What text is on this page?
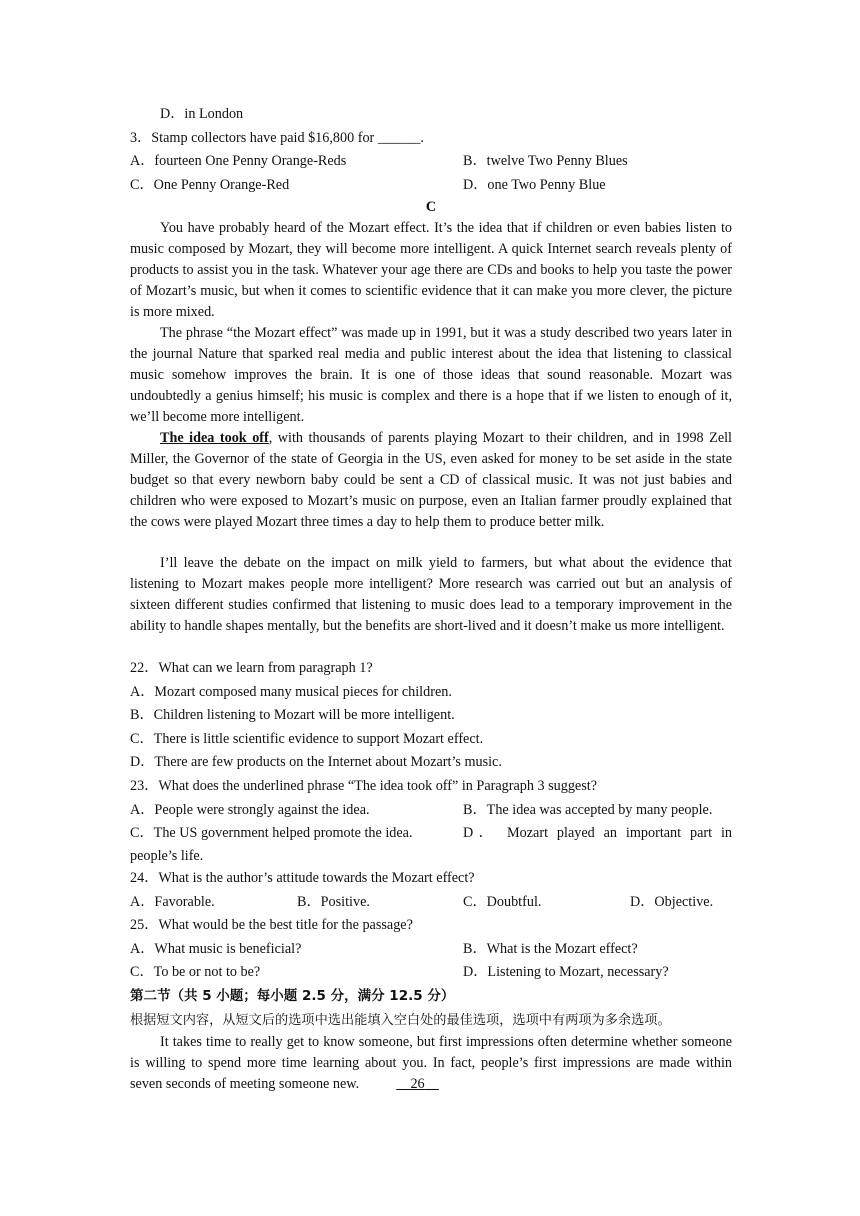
D．in London
3．Stamp collectors have paid $16,800 for ______.
A．fourteen One Penny Orange-Reds	B．twelve Two Penny Blues
C．One Penny Orange-Red	D．one Two Penny Blue
C
You have probably heard of the Mozart effect. It’s the idea that if children or even babies listen to music composed by Mozart, they will become more intelligent. A quick Internet search reveals plenty of products to assist you in the task. Whatever your age there are CDs and books to help you taste the power of Mozart’s music, but when it comes to scientific evidence that it can make you more clever, the picture is more mixed.
The phrase “the Mozart effect” was made up in 1991, but it was a study described two years later in the journal Nature that sparked real media and public interest about the idea that listening to classical music somehow improves the brain. It is one of those ideas that sound reasonable. Mozart was undoubtedly a genius himself; his music is complex and there is a hope that if we listen to enough of it, we’ll become more intelligent.
The idea took off, with thousands of parents playing Mozart to their children, and in 1998 Zell Miller, the Governor of the state of Georgia in the US, even asked for money to be set aside in the state budget so that every newborn baby could be sent a CD of classical music. It was not just babies and children who were exposed to Mozart’s music on purpose, even an Italian farmer proudly explained that the cows were played Mozart three times a day to help them to produce better milk.
I’ll leave the debate on the impact on milk yield to farmers, but what about the evidence that listening to Mozart makes people more intelligent? More research was carried out but an analysis of sixteen different studies confirmed that listening to music does lead to a temporary improvement in the ability to handle shapes mentally, but the benefits are short-lived and it doesn’t make us more intelligent.
22．What can we learn from paragraph 1?
A．Mozart composed many musical pieces for children.
B．Children listening to Mozart will be more intelligent.
C．There is little scientific evidence to support Mozart effect.
D．There are few products on the Internet about Mozart’s music.
23．What does the underlined phrase “The idea took off” in Paragraph 3 suggest?
A．People were strongly against the idea.	B．The idea was accepted by many people.
C．The US government helped promote the idea.	D． Mozart played an important part in
people’s life.
24．What is the author’s attitude towards the Mozart effect?
A．Favorable.	B．Positive.	C．Doubtful.	D．Objective.
25．What would be the best title for the passage?
A．What music is beneficial?	B．What is the Mozart effect?
C．To be or not to be?	D．Listening to Mozart, necessary?
第二节（共 5 小题；每小题 2.5 分，满分 12.5 分）
根据短文内容，从短文后的选项中选出能填入空白处的最佳选项，选项中有两项为多余选项。
It takes time to really get to know someone, but first impressions often determine whether someone is willing to spend more time learning about you. In fact, people’s first impressions are made within seven seconds of meeting someone new.	26
